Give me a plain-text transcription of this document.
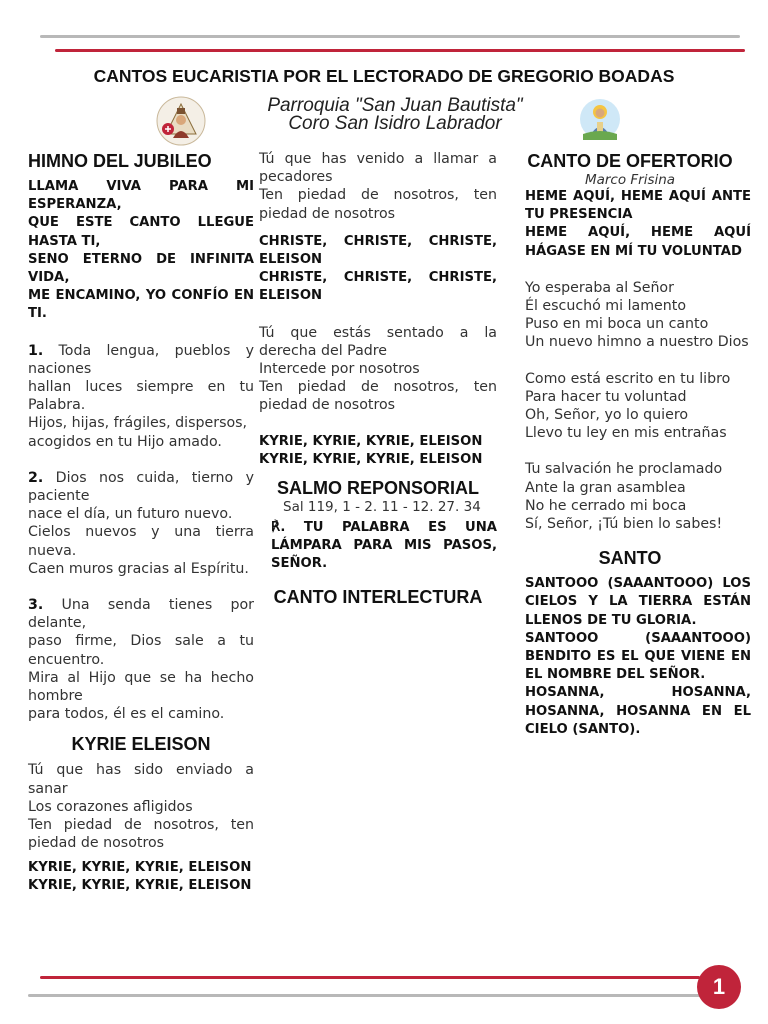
CANTOS EUCARISTIA POR EL LECTORADO DE GREGORIO BOADAS
Parroquia "San Juan Bautista"
Coro San Isidro Labrador
HIMNO DEL JUBILEO
LLAMA VIVA PARA MI ESPERANZA,
QUE ESTE CANTO LLEGUE HASTA TI,
SENO ETERNO DE INFINITA VIDA,
ME ENCAMINO, YO CONFÍO EN TI.
1. Toda lengua, pueblos y naciones
hallan luces siempre en tu Palabra.
Hijos, hijas, frágiles, dispersos,
acogidos en tu Hijo amado.
2. Dios nos cuida, tierno y paciente
nace el día, un futuro nuevo.
Cielos nuevos y una tierra nueva.
Caen muros gracias al Espíritu.
3. Una senda tienes por delante,
paso firme, Dios sale a tu encuentro.
Mira al Hijo que se ha hecho hombre
para todos, él es el camino.
KYRIE ELEISON
Tú que has sido enviado a sanar
Los corazones afligidos
Ten piedad de nosotros, ten piedad de nosotros
KYRIE, KYRIE, KYRIE, ELEISON
KYRIE, KYRIE, KYRIE, ELEISON
Tú que has venido a llamar a pecadores
Ten piedad de nosotros, ten piedad de nosotros
CHRISTE, CHRISTE, CHRISTE, ELEISON
CHRISTE, CHRISTE, CHRISTE, ELEISON
Tú que estás sentado a la derecha del Padre
Intercede por nosotros
Ten piedad de nosotros, ten piedad de nosotros
KYRIE, KYRIE, KYRIE, ELEISON
KYRIE, KYRIE, KYRIE, ELEISON
SALMO REPONSORIAL
Sal 119, 1 - 2. 11 - 12. 27. 34
℟. TU PALABRA ES UNA LÁMPARA PARA MIS PASOS, SEÑOR.
CANTO INTERLECTURA
CANTO DE OFERTORIO
Marco Frisina
HEME AQUÍ, HEME AQUÍ ANTE TU PRESENCIA
HEME AQUÍ, HEME AQUÍ HÁGASE EN MÍ TU VOLUNTAD
Yo esperaba al Señor
Él escuchó mi lamento
Puso en mi boca un canto
Un nuevo himno a nuestro Dios
Como está escrito en tu libro
Para hacer tu voluntad
Oh, Señor, yo lo quiero
Llevo tu ley en mis entrañas
Tu salvación he proclamado
Ante la gran asamblea
No he cerrado mi boca
Sí, Señor, ¡Tú bien lo sabes!
SANTO
SANTOOO (SAAANTOOO) LOS CIELOS Y LA TIERRA ESTÁN LLENOS DE TU GLORIA.
SANTOOO (SAAANTOOO) BENDITO ES EL QUE VIENE EN EL NOMBRE DEL SEÑOR.
HOSANNA, HOSANNA, HOSANNA, HOSANNA EN EL CIELO (SANTO).
1
